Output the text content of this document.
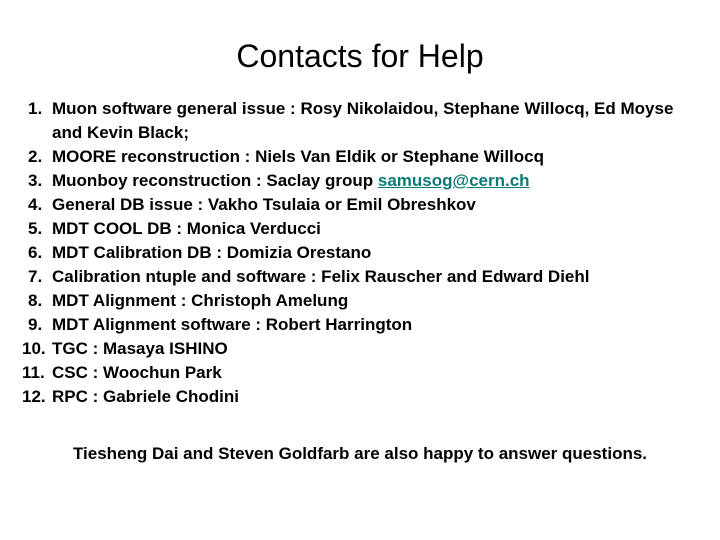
Contacts for Help
1. Muon software general issue : Rosy Nikolaidou, Stephane Willocq, Ed Moyse and Kevin Black;
2. MOORE reconstruction : Niels Van Eldik or Stephane Willocq
3. Muonboy reconstruction : Saclay group samusog@cern.ch
4. General DB issue : Vakho Tsulaia or Emil Obreshkov
5. MDT COOL DB : Monica Verducci
6. MDT Calibration DB : Domizia Orestano
7. Calibration ntuple and software : Felix Rauscher and Edward Diehl
8. MDT Alignment : Christoph Amelung
9. MDT Alignment software : Robert Harrington
10. TGC : Masaya ISHINO
11. CSC : Woochun Park
12. RPC : Gabriele Chodini
Tiesheng Dai and Steven Goldfarb are also happy to answer questions.
